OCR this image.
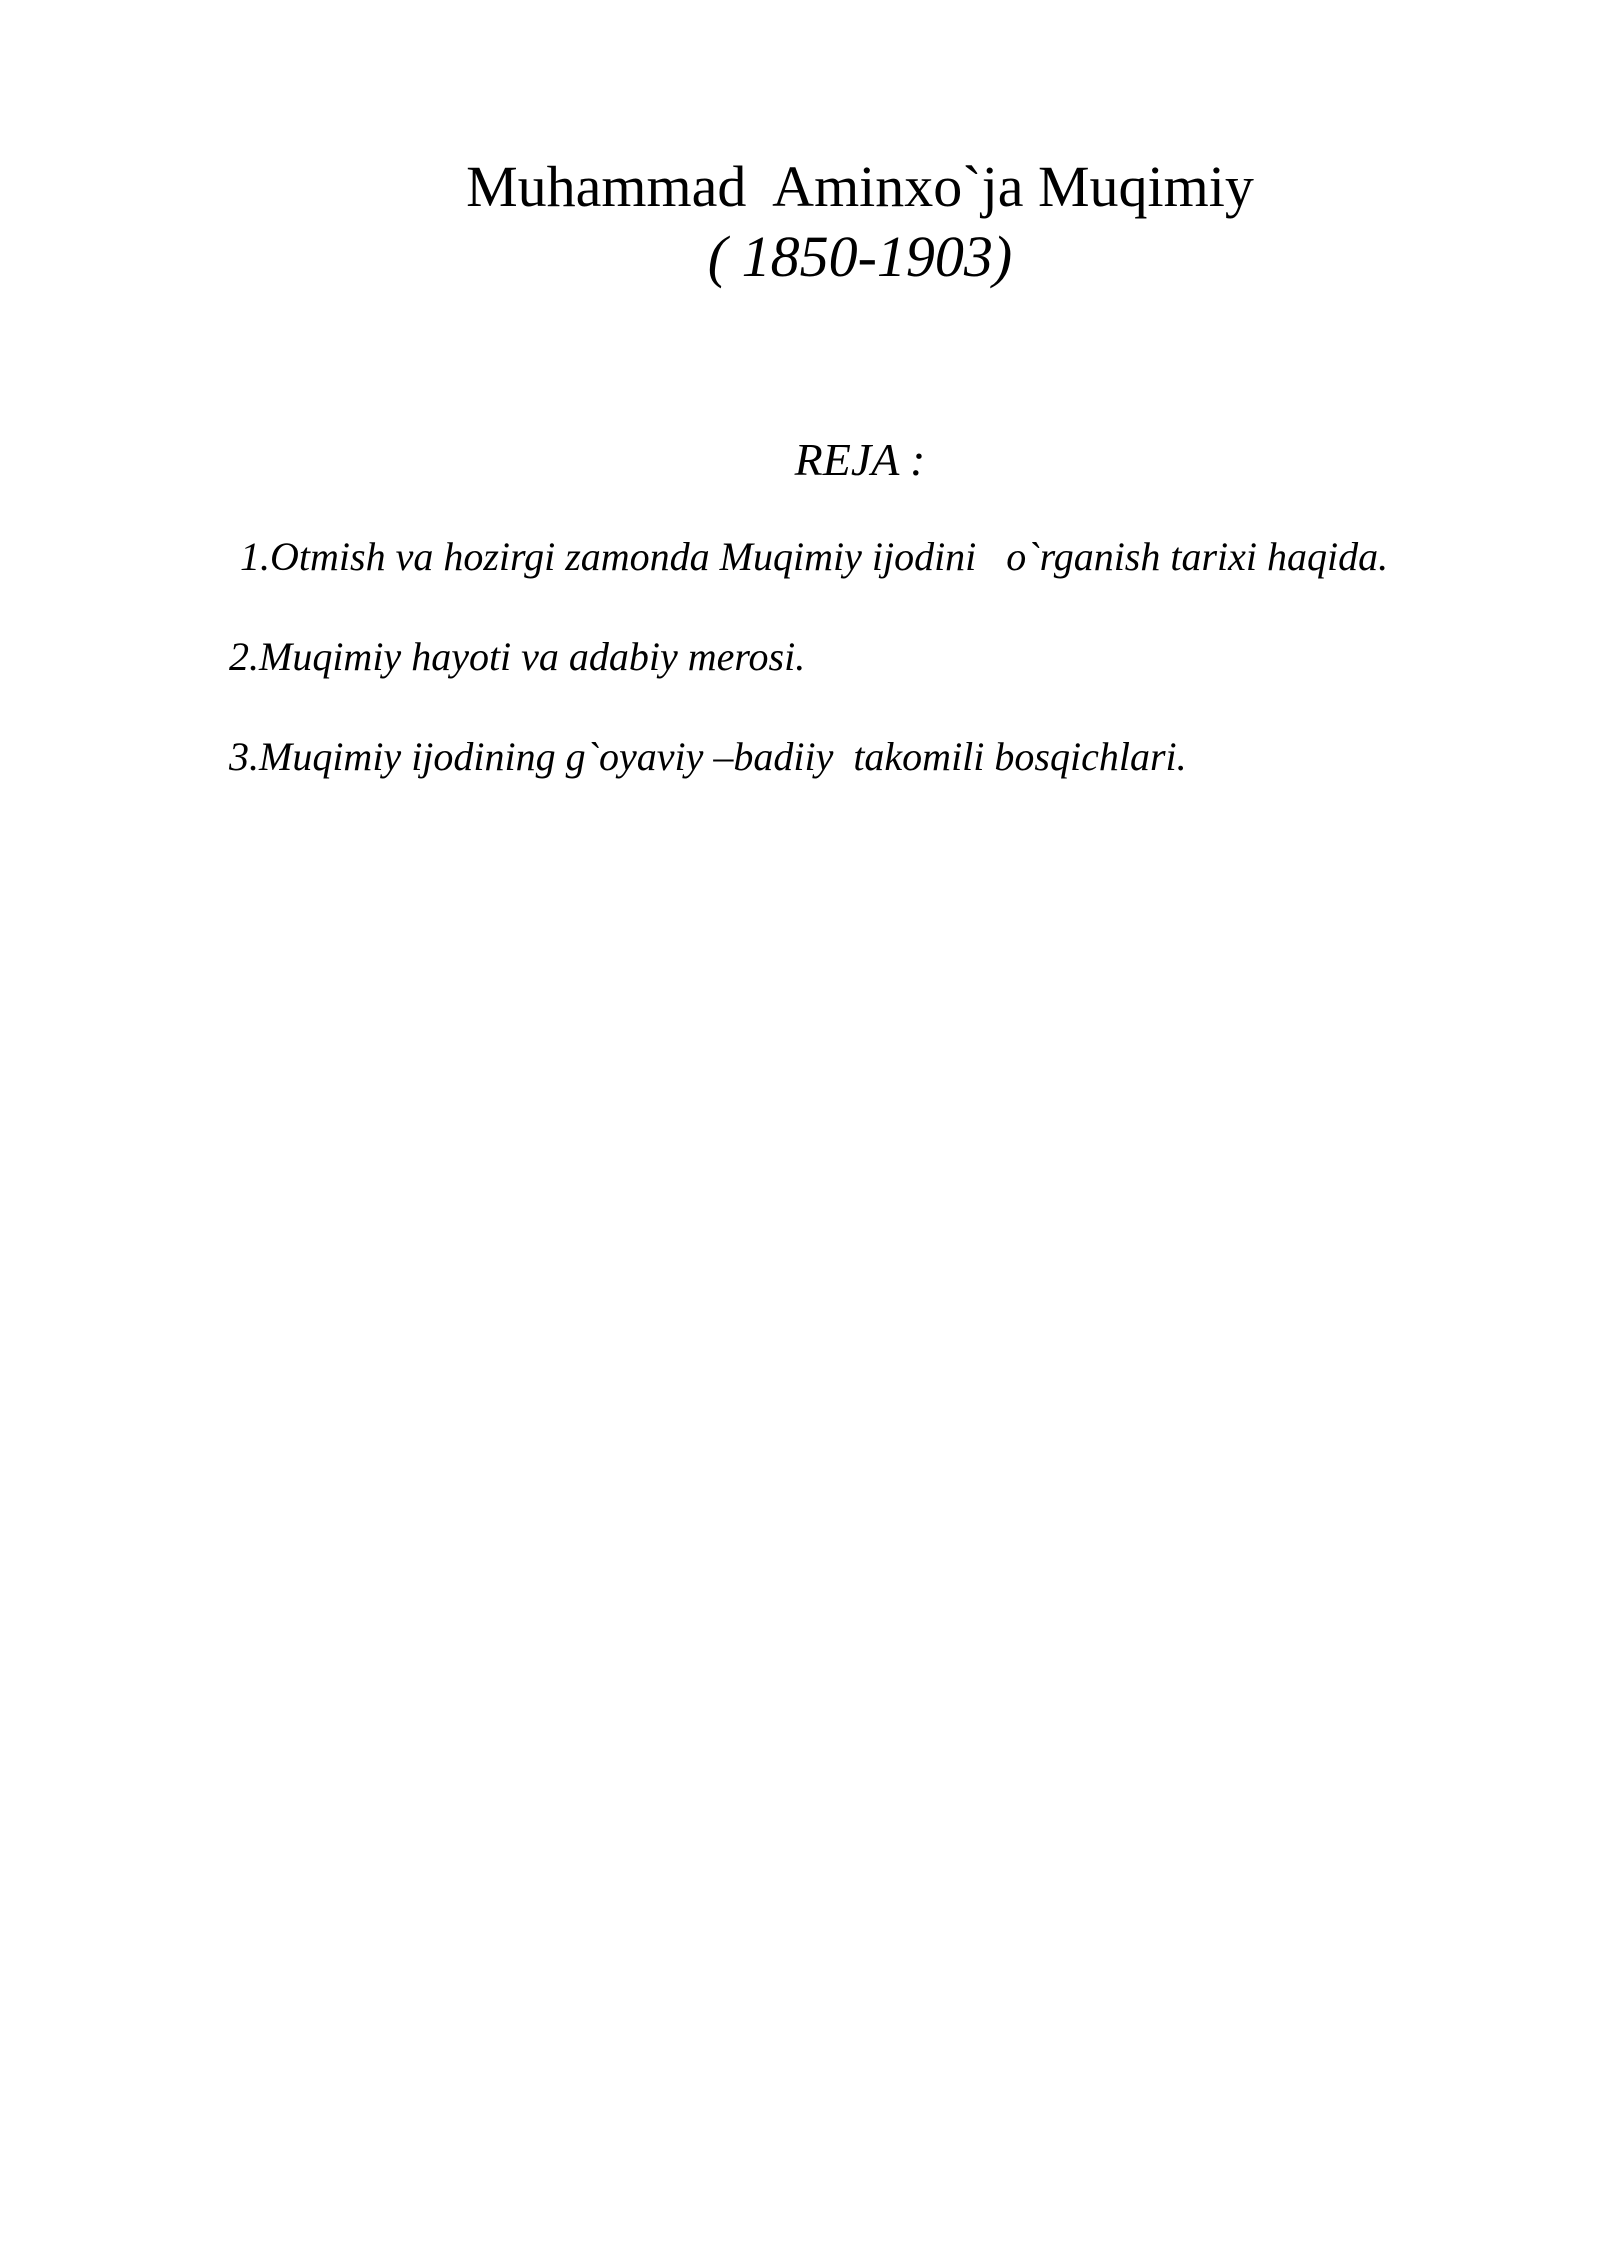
Muhammad  Aminxo`ja Muqimiy
( 1850-1903)
REJA :
1.Otmish va hozirgi zamonda Muqimiy ijodini   o`rganish tarixi haqida.
2.Muqimiy hayoti va adabiy merosi.
3.Muqimiy ijodining g`oyaviy –badiiy  takomili bosqichlari.
